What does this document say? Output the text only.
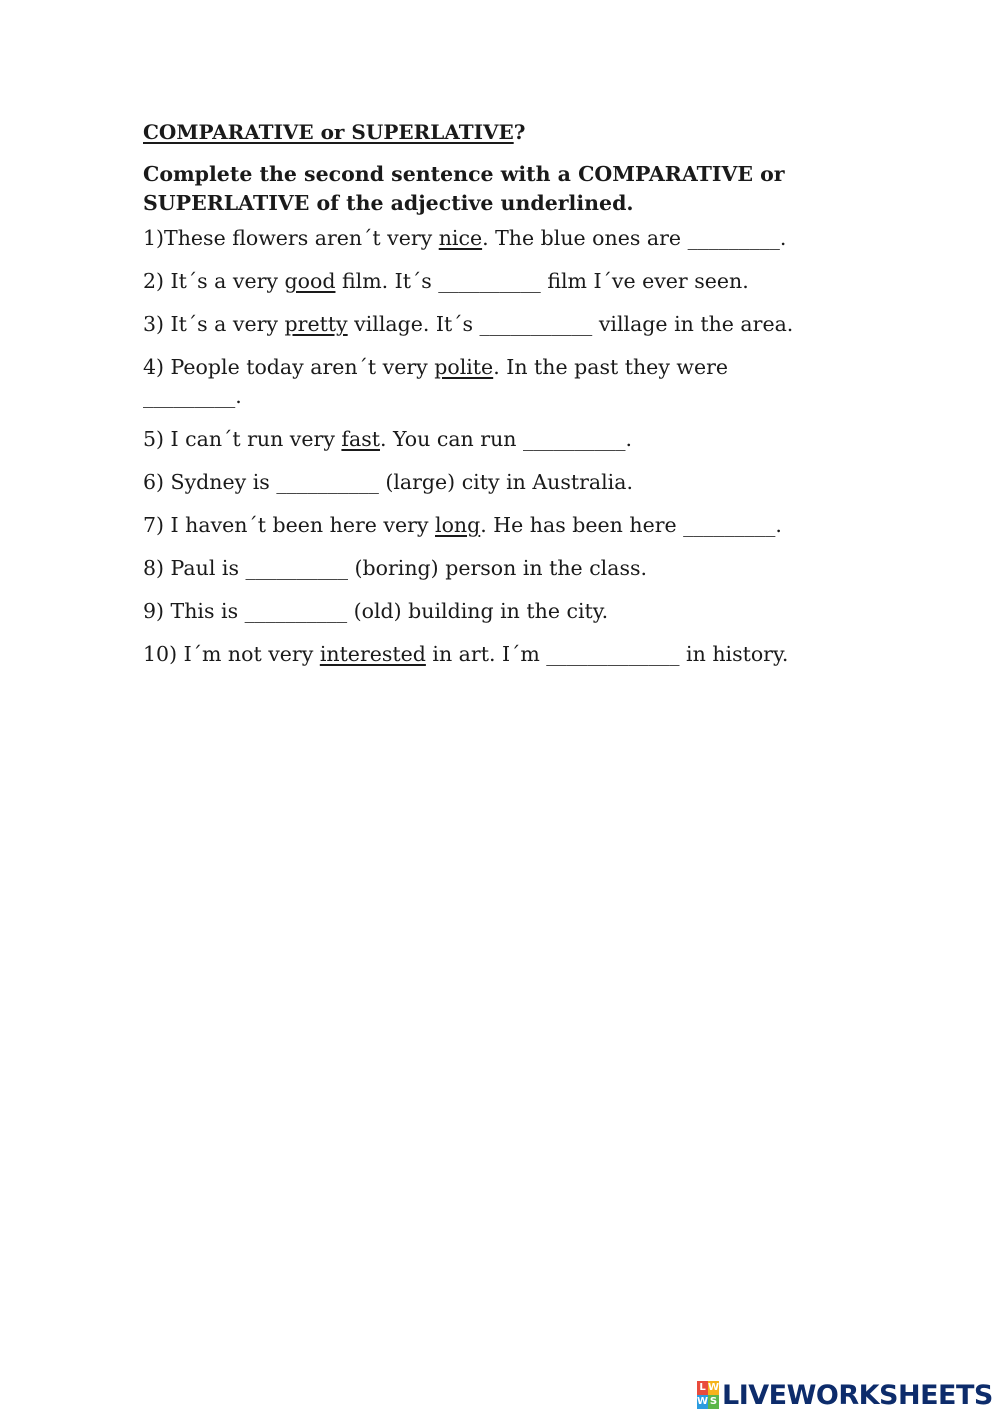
COMPARATIVE or SUPERLATIVE?
Complete the second sentence with a COMPARATIVE or SUPERLATIVE of the adjective underlined.
1)These flowers aren´t very nice. The blue ones are _________.
2) It´s a very good film. It´s __________ film I´ve ever seen.
3) It´s a very pretty village. It´s ___________ village in the area.
4) People today aren´t very polite. In the past they were _________.
5) I can´t run very fast. You can run __________.
6) Sydney is __________ (large) city in Australia.
7) I haven´t been here very long. He has been here _________.
8) Paul is __________ (boring) person in the class.
9) This is __________ (old) building in the city.
10) I´m not very interested in art. I´m _____________ in history.
L W
W S LIVEWORKSHEETS
